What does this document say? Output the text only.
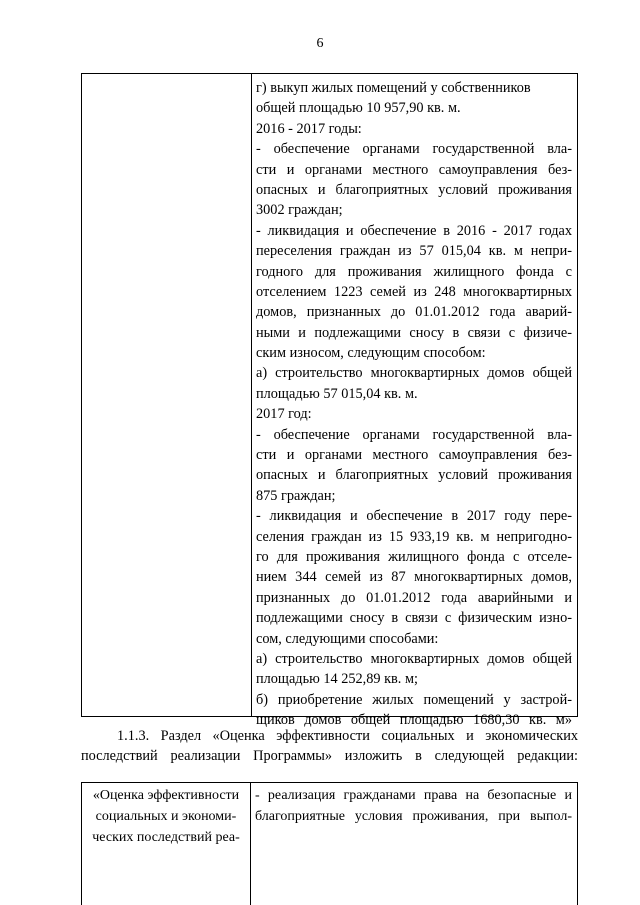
6
г) выкуп жилых помещений у собственников
общей площадью 10 957,90 кв. м.
2016 - 2017 годы:
- обеспечение органами государственной вла-
сти и органами местного самоуправления без-
опасных и благоприятных условий проживания
3002 граждан;
- ликвидация и обеспечение в 2016 - 2017 годах
переселения граждан из 57 015,04 кв. м непри-
годного для проживания жилищного фонда с
отселением 1223 семей из 248 многоквартирных
домов, признанных до 01.01.2012 года аварий-
ными и подлежащими сносу в связи с физиче-
ским износом, следующим способом:
а) строительство многоквартирных домов общей
площадью 57 015,04 кв. м.
2017 год:
- обеспечение органами государственной вла-
сти и органами местного самоуправления без-
опасных и благоприятных условий проживания
875 граждан;
- ликвидация и обеспечение в 2017 году пере-
селения граждан из 15 933,19 кв. м непригодно-
го для проживания жилищного фонда с отселе-
нием 344 семей из 87 многоквартирных домов,
признанных до 01.01.2012 года аварийными и
подлежащими сносу в связи с физическим изно-
сом, следующими способами:
а) строительство многоквартирных домов общей
площадью 14 252,89 кв. м;
б) приобретение жилых помещений у застрой-
щиков домов общей площадью 1680,30 кв. м»
1.1.3. Раздел «Оценка эффективности социальных и экономических
последствий реализации Программы» изложить в следующей редакции:
«Оценка эффективности
социальных и экономи-
ческих последствий реа-
- реализация гражданами права на безопасные и
благоприятные условия проживания, при выпол-
